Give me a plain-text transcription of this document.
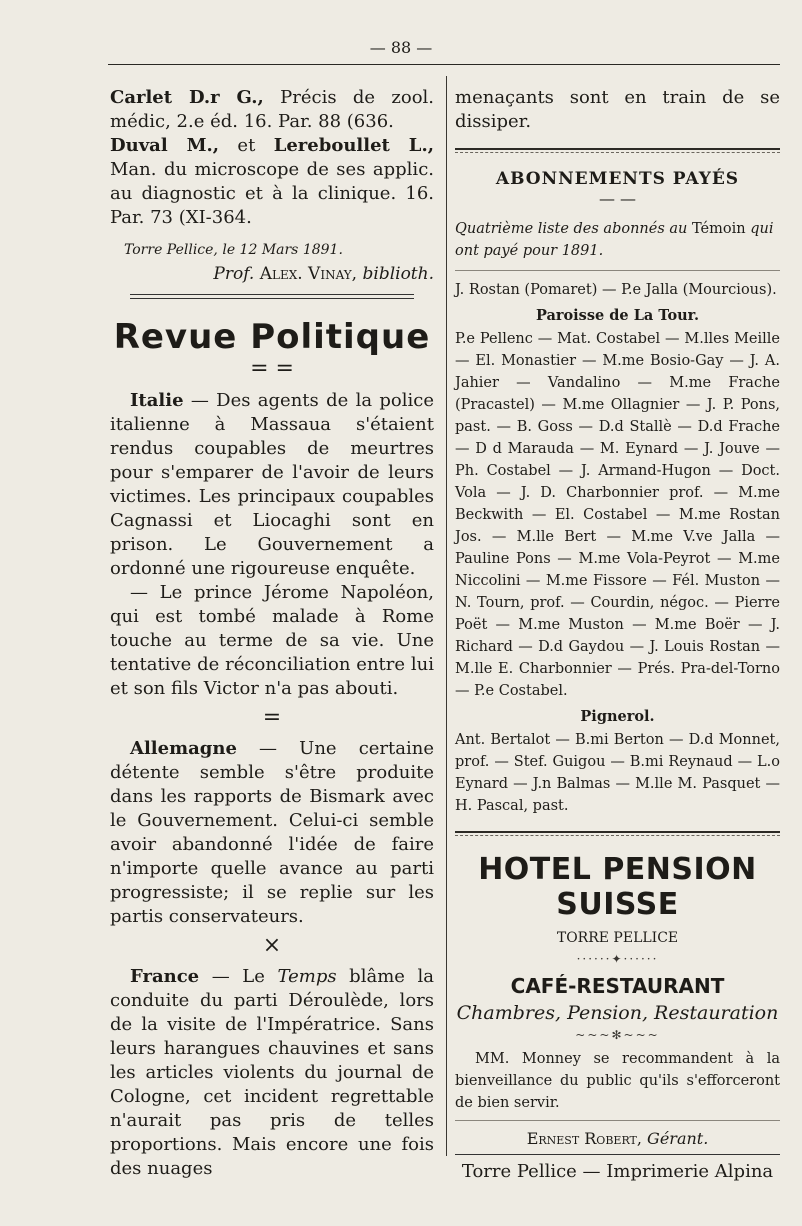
— 88 —

Carlet D.r G., Précis de zool. médic, 2.e éd. 16. Par. 88 (636.

Duval M., et Lereboullet L., Man. du microscope de ses applic. au diagnostic et à la clinique. 16. Par. 73 (XI-364.

Torre Pellice, le 12 Mars 1891.

Prof. Alex. Vinay, biblioth.

Revue Politique

= =

Italie — Des agents de la police italienne à Massaua s'étaient rendus coupables de meurtres pour s'emparer de l'avoir de leurs victimes. Les principaux coupables Cagnassi et Liocaghi sont en prison. Le Gouvernement a ordonné une rigoureuse enquête.

— Le prince Jérome Napoléon, qui est tombé malade à Rome touche au terme de sa vie. Une tentative de réconciliation entre lui et son fils Victor n'a pas abouti.

=

Allemagne — Une certaine détente semble s'être produite dans les rapports de Bismark avec le Gouvernement. Celui-ci semble avoir abandonné l'idée de faire n'importe quelle avance au parti progressiste; il se replie sur les partis conservateurs.

×

France — Le Temps blâme la conduite du parti Déroulède, lors de la visite de l'Impératrice. Sans leurs harangues chauvines et sans les articles violents du journal de Cologne, cet incident regrettable n'aurait pas pris de telles proportions. Mais encore une fois des nuages

menaçants sont en train de se dissiper.

ABONNEMENTS PAYÉS

— —

Quatrième liste des abonnés au Témoin qui ont payé pour 1891.

J. Rostan (Pomaret) — P.e Jalla (Mourcious).

Paroisse de La Tour.

P.e Pellenc — Mat. Costabel — M.lles Meille — El. Monastier — M.me Bosio-Gay — J. A. Jahier — Vandalino — M.me Frache (Pracastel) — M.me Ollagnier — J. P. Pons, past. — B. Goss — D.d Stallè — D.d Frache — D d Marauda — M. Eynard — J. Jouve — Ph. Costabel — J. Armand-Hugon — Doct. Vola — J. D. Charbonnier prof. — M.me Beckwith — El. Costabel — M.me Rostan Jos. — M.lle Bert — M.me V.ve Jalla — Pauline Pons — M.me Vola-Peyrot — M.me Niccolini — M.me Fissore — Fél. Muston — N. Tourn, prof. — Courdin, négoc. — Pierre Poët — M.me Muston — M.me Boër — J. Richard — D.d Gaydou — J. Louis Rostan — M.lle E. Charbonnier — Prés. Pra-del-Torno — P.e Costabel.

Pignerol.

Ant. Bertalot — B.mi Berton — D.d Monnet, prof. — Stef. Guigou — B.mi Reynaud — L.o Eynard — J.n Balmas — M.lle M. Pasquet — H. Pascal, past.

HOTEL PENSION SUISSE

TORRE PELLICE

······✦······

CAFÉ-RESTAURANT

Chambres, Pension, Restauration

~~~✻~~~

MM. Monney se recommandent à la bienveillance du public qu'ils s'efforceront de bien servir.

Ernest Robert, Gérant.

Torre Pellice — Imprimerie Alpina
